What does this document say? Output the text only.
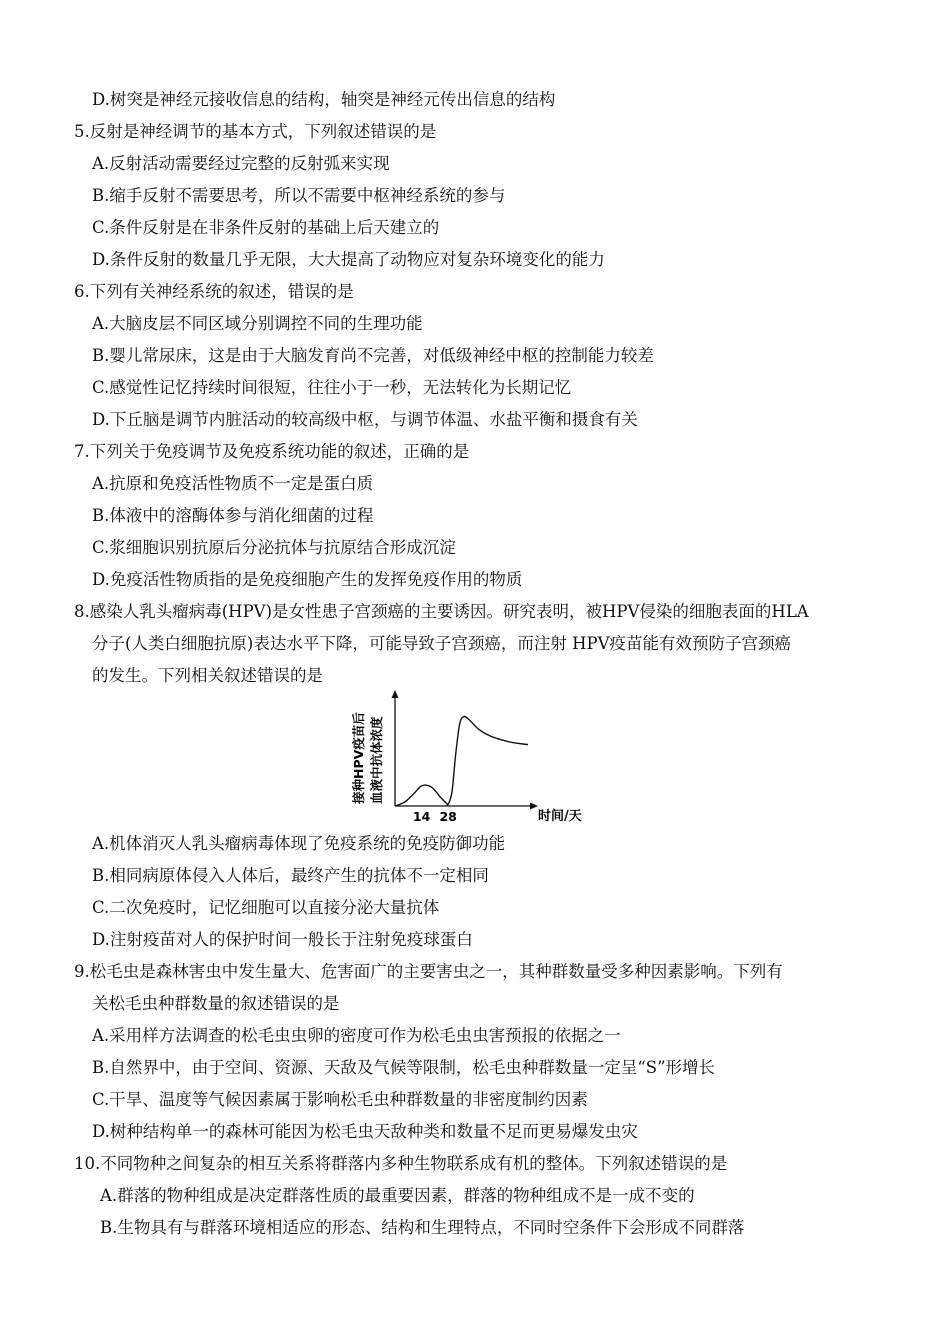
D.树突是神经元接收信息的结构，轴突是神经元传出信息的结构
5.反射是神经调节的基本方式，下列叙述错误的是
A.反射活动需要经过完整的反射弧来实现
B.缩手反射不需要思考，所以不需要中枢神经系统的参与
C.条件反射是在非条件反射的基础上后天建立的
D.条件反射的数量几乎无限，大大提高了动物应对复杂环境变化的能力
6.下列有关神经系统的叙述，错误的是
A.大脑皮层不同区域分别调控不同的生理功能
B.婴儿常尿床，这是由于大脑发育尚不完善，对低级神经中枢的控制能力较差
C.感觉性记忆持续时间很短，往往小于一秒，无法转化为长期记忆
D.下丘脑是调节内脏活动的较高级中枢，与调节体温、水盐平衡和摄食有关
7.下列关于免疫调节及免疫系统功能的叙述，正确的是
A.抗原和免疫活性物质不一定是蛋白质
B.体液中的溶酶体参与消化细菌的过程
C.浆细胞识别抗原后分泌抗体与抗原结合形成沉淀
D.免疫活性物质指的是免疫细胞产生的发挥免疫作用的物质
8.感染人乳头瘤病毒(HPV)是女性患子宫颈癌的主要诱因。研究表明，被HPV侵染的细胞表面的HLA
分子(人类白细胞抗原)表达水平下降，可能导致子宫颈癌，而注射 HPV疫苗能有效预防子宫颈癌
的发生。下列相关叙述错误的是
接种HPV疫苗后 血液中抗体浓度
14 28	时间/天
A.机体消灭人乳头瘤病毒体现了免疫系统的免疫防御功能
B.相同病原体侵入人体后，最终产生的抗体不一定相同
C.二次免疫时，记忆细胞可以直接分泌大量抗体
D.注射疫苗对人的保护时间一般长于注射免疫球蛋白
9.松毛虫是森林害虫中发生量大、危害面广的主要害虫之一，其种群数量受多种因素影响。下列有
关松毛虫种群数量的叙述错误的是
A.采用样方法调查的松毛虫虫卵的密度可作为松毛虫虫害预报的依据之一
B.自然界中，由于空间、资源、天敌及气候等限制，松毛虫种群数量一定呈“S”形增长
C.干旱、温度等气候因素属于影响松毛虫种群数量的非密度制约因素
D.树种结构单一的森林可能因为松毛虫天敌种类和数量不足而更易爆发虫灾
10.不同物种之间复杂的相互关系将群落内多种生物联系成有机的整体。下列叙述错误的是
A.群落的物种组成是决定群落性质的最重要因素，群落的物种组成不是一成不变的
B.生物具有与群落环境相适应的形态、结构和生理特点，不同时空条件下会形成不同群落
